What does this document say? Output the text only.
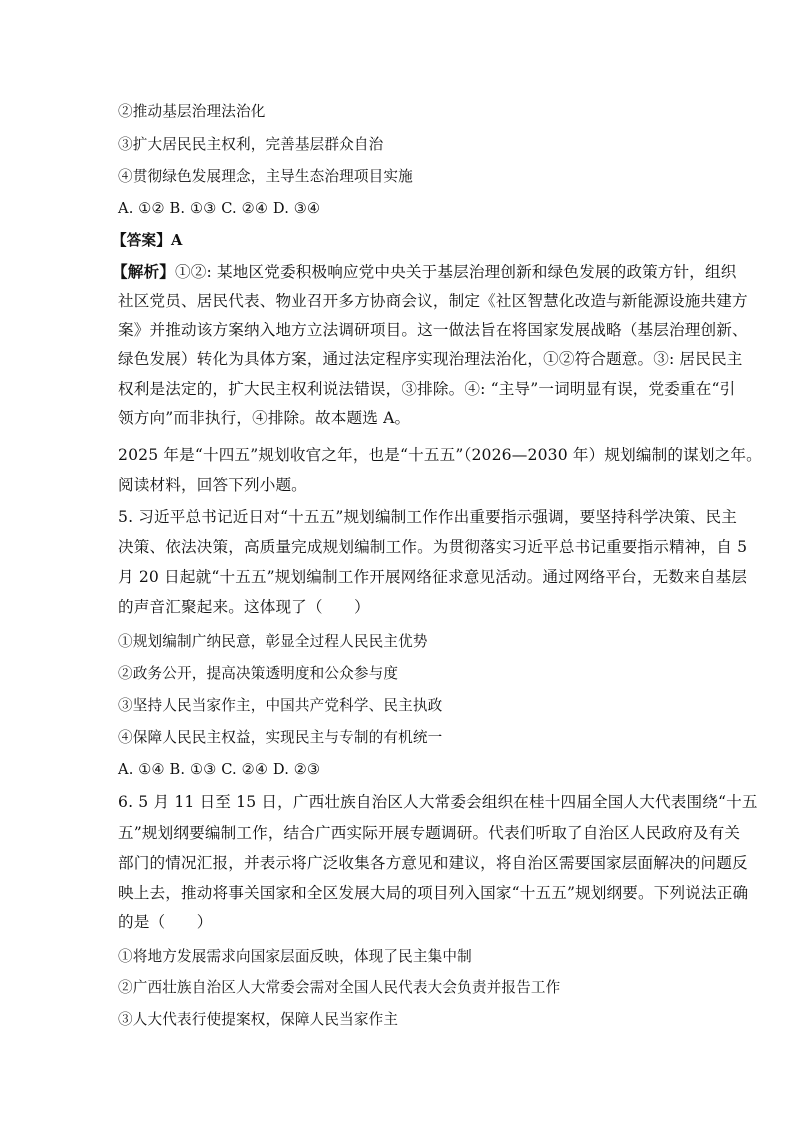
②推动基层治理法治化
③扩大居民民主权利，完善基层群众自治
④贯彻绿色发展理念，主导生态治理项目实施
A. ①② B. ①③ C. ②④ D. ③④
【答案】A
【解析】①②: 某地区党委积极响应党中央关于基层治理创新和绿色发展的政策方针，组织
社区党员、居民代表、物业召开多方协商会议，制定《社区智慧化改造与新能源设施共建方
案》并推动该方案纳入地方立法调研项目。这一做法旨在将国家发展战略（基层治理创新、
绿色发展）转化为具体方案，通过法定程序实现治理法治化，①②符合题意。③: 居民民主
权利是法定的，扩大民主权利说法错误，③排除。④: “主导”一词明显有误，党委重在“引
领方向”而非执行，④排除。故本题选 A。
2025 年是“十四五”规划收官之年，也是“十五五”（2026—2030 年）规划编制的谋划之年。
阅读材料，回答下列小题。
5. 习近平总书记近日对“十五五”规划编制工作作出重要指示强调，要坚持科学决策、民主
决策、依法决策，高质量完成规划编制工作。为贯彻落实习近平总书记重要指示精神，自 5
月 20 日起就“十五五”规划编制工作开展网络征求意见活动。通过网络平台，无数来自基层
的声音汇聚起来。这体现了（　　）
①规划编制广纳民意，彰显全过程人民民主优势
②政务公开，提高决策透明度和公众参与度
③坚持人民当家作主，中国共产党科学、民主执政
④保障人民民主权益，实现民主与专制的有机统一
A. ①④ B. ①③ C. ②④ D. ②③
6. 5 月 11 日至 15 日，广西壮族自治区人大常委会组织在桂十四届全国人大代表围绕“十五
五”规划纲要编制工作，结合广西实际开展专题调研。代表们听取了自治区人民政府及有关
部门的情况汇报，并表示将广泛收集各方意见和建议，将自治区需要国家层面解决的问题反
映上去，推动将事关国家和全区发展大局的项目列入国家“十五五”规划纲要。下列说法正确
的是（　　）
①将地方发展需求向国家层面反映，体现了民主集中制
②广西壮族自治区人大常委会需对全国人民代表大会负责并报告工作
③人大代表行使提案权，保障人民当家作主
